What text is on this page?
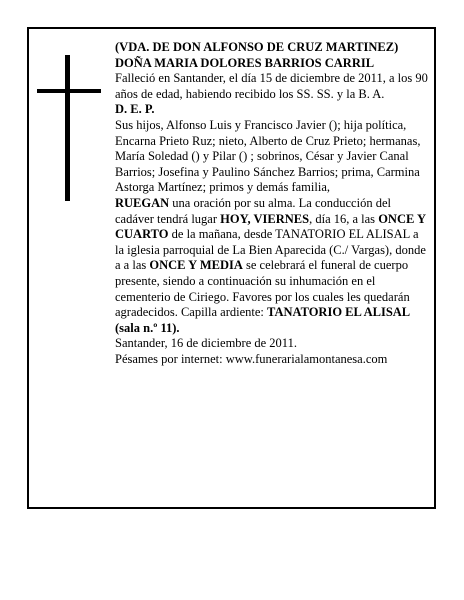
(VDA. DE DON ALFONSO DE CRUZ MARTINEZ)

DOÑA MARIA DOLORES BARRIOS CARRIL

Falleció en Santander, el día 15 de diciembre de 2011, a los 90 años de edad, habiendo recibido los SS. SS. y la B. A.

D. E. P.

Sus hijos, Alfonso Luis y Francisco Javier (); hija política, Encarna Prieto Ruz; nieto, Alberto de Cruz Prieto; hermanas, María Soledad () y Pilar () ; sobrinos, César y Javier Canal Barrios; Josefina y Paulino Sánchez Barrios; prima, Carmina Astorga Martínez; primos y demás familia,

RUEGAN una oración por su alma. La conducción del cadáver tendrá lugar HOY, VIERNES, día 16, a las ONCE Y CUARTO de la mañana, desde TANATORIO EL ALISAL a la iglesia parroquial de La Bien Aparecida (C./ Vargas), donde a a las ONCE Y MEDIA se celebrará el funeral de cuerpo presente, siendo a continuación su inhumación en el cementerio de Ciriego. Favores por los cuales les quedarán agradecidos. Capilla ardiente: TANATORIO EL ALISAL (sala n.º 11).

Santander, 16 de diciembre de 2011.

Pésames por internet: www.funerarialamontanesa.com
